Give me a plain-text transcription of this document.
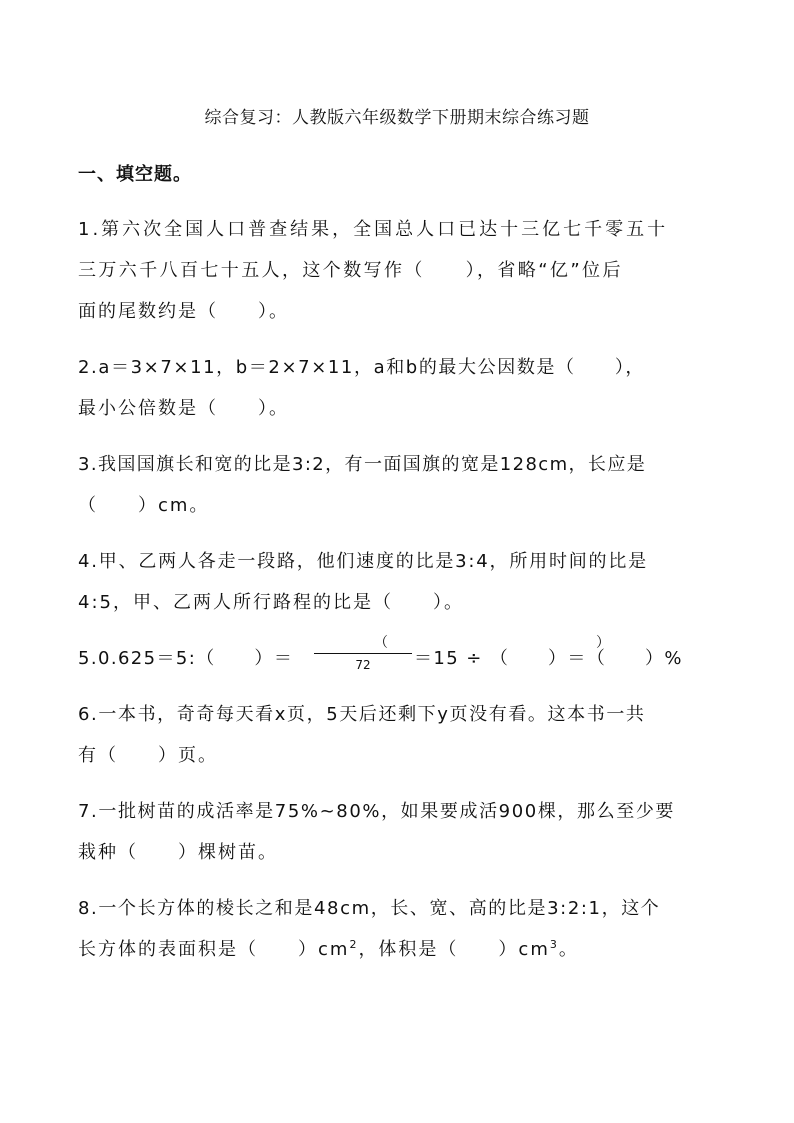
综合复习：人教版六年级数学下册期末综合练习题
一、填空题。
1.第六次全国人口普查结果，全国总人口已达十三亿七千零五十
三万六千八百七十五人，这个数写作（　　），省略“亿”位后
面的尾数约是（　　）。
2.a＝3×7×11，b＝2×7×11，a和b的最大公因数是（　　），
最小公倍数是（　　）。
3.我国国旗长和宽的比是3:2，有一面国旗的宽是128cm，长应是
（　　）cm。
4.甲、乙两人各走一段路，他们速度的比是3:4，所用时间的比是
4:5，甲、乙两人所行路程的比是（　　）。
5.0.625＝5:（　　）＝
（　　）
72	＝15 ÷ （　　）＝（　　）%
6.一本书，奇奇每天看x页，5天后还剩下y页没有看。这本书一共
有（　　）页。
7.一批树苗的成活率是75%~80%，如果要成活900棵，那么至少要
栽种（　　）棵树苗。
8.一个长方体的棱长之和是48cm，长、宽、高的比是3:2:1，这个
长方体的表面积是（　　）$cm^2$，体积是（　　）$cm^3$。
